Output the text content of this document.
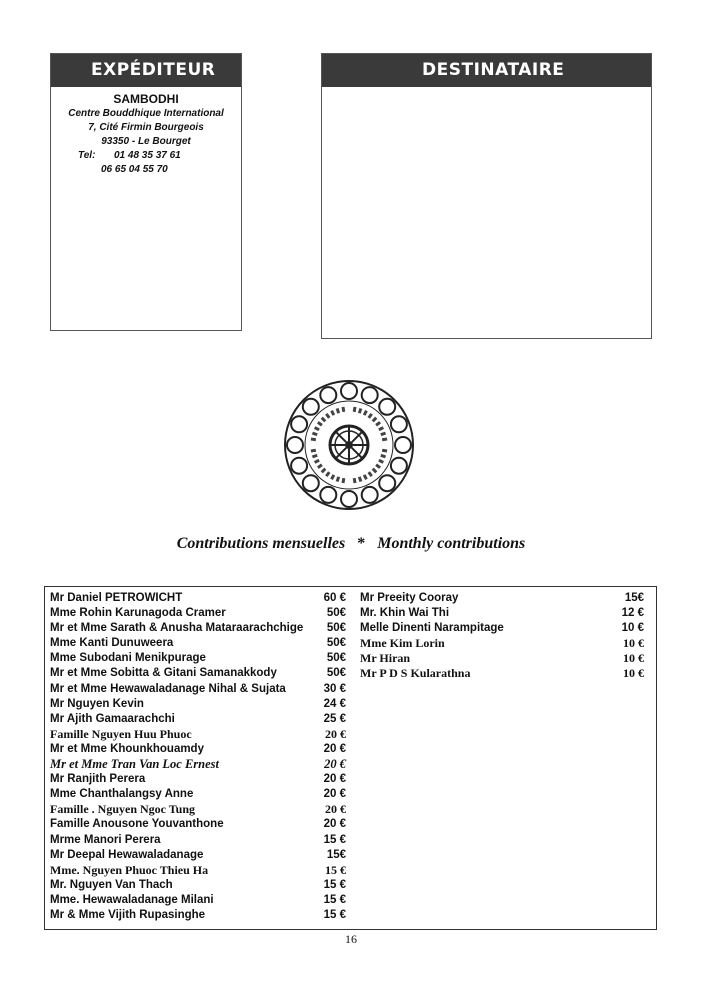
EXPÉDITEUR
SAMBODHI
Centre Bouddhique International
7, Cité Firmin Bourgeois
93350 - Le Bourget
Tel: 01 48 35 37 61
06 65 04 55 70
DESTINATAIRE
Contributions mensuelles * Monthly contributions
Mr Daniel PETROWICHT	60 €
Mme Rohin Karunagoda Cramer	50€
Mr et Mme Sarath & Anusha Mataraarachchige 50€
Mme Kanti Dunuweera	50€
Mme Subodani Menikpurage	50€
Mr et Mme Sobitta & Gitani Samanakkody	50€
Mr et Mme Hewawaladanage Nihal & Sujata	30 €
Mr Nguyen Kevin	24 €
Mr Ajith Gamaarachchi	25 €
Famille Nguyen Huu Phuoc	20 €
Mr et Mme Khounkhouamdy	20 €
Mr et Mme Tran Van Loc Ernest	20 €
Mr Ranjith Perera	20 €
Mme Chanthalangsy Anne	20 €
Famille . Nguyen Ngoc Tung	20 €
Famille Anousone Youvanthone	20 €
Mrme Manori Perera	15 €
Mr Deepal Hewawaladanage	15€
Mme. Nguyen Phuoc Thieu Ha	15 €
Mr. Nguyen Van Thach	15 €
Mme. Hewawaladanage Milani	15 €
Mr & Mme Vijith Rupasinghe	15 €
Mr Preeity Cooray	15€
Mr. Khin Wai Thi	12 €
Melle Dinenti Narampitage	10 €
Mme Kim Lorin	10 €
Mr Hiran	10 €
Mr P D S Kularathna	10 €
16
